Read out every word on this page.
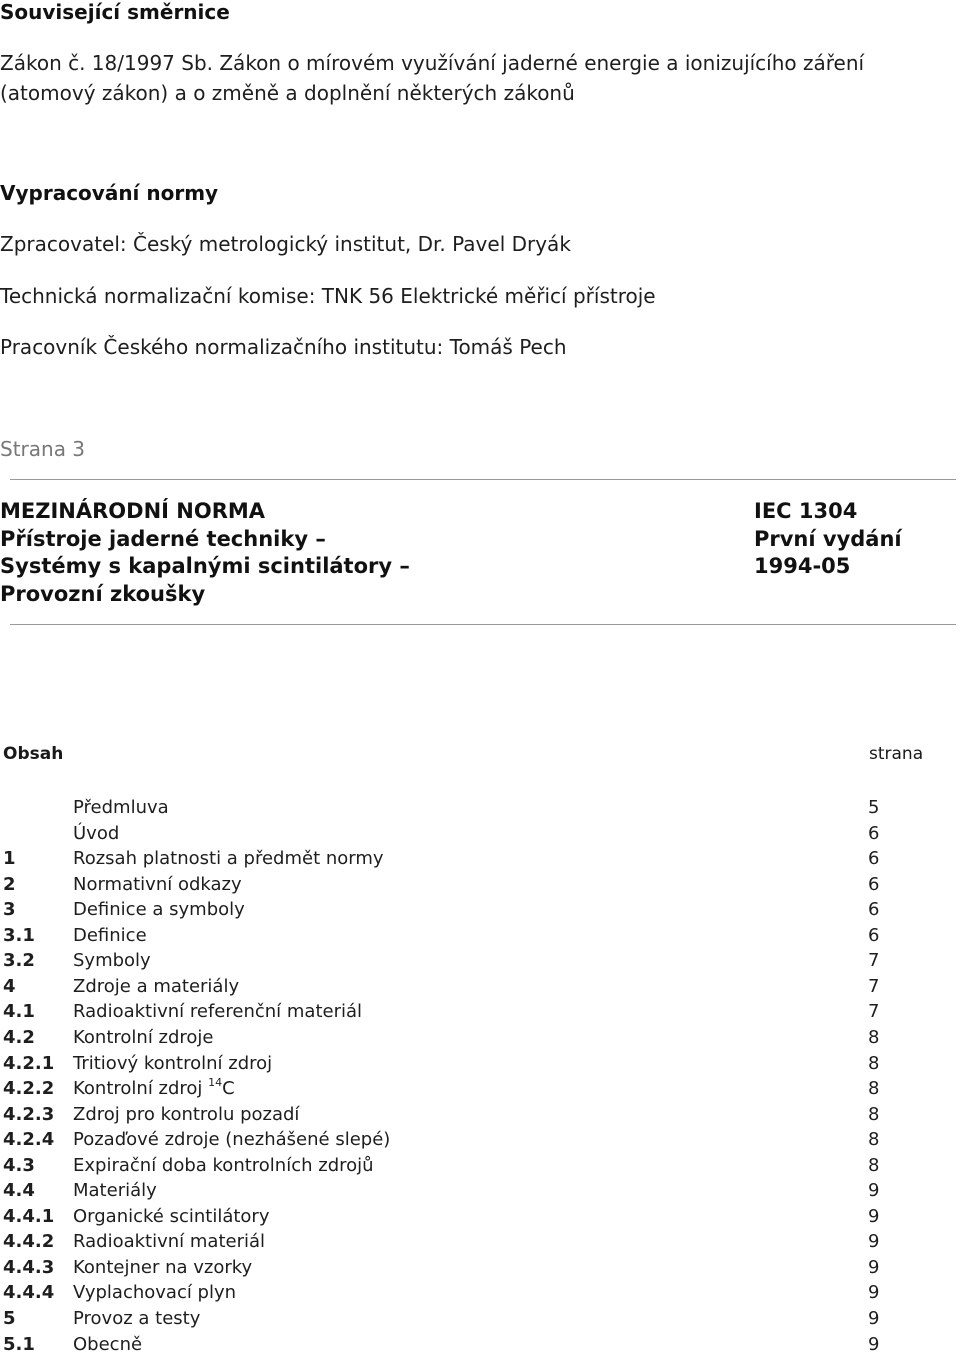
Související směrnice
Zákon č. 18/1997 Sb. Zákon o mírovém využívání jaderné energie a ionizujícího záření (atomový zákon) a o změně a doplnění některých zákonů
Vypracování normy
Zpracovatel: Český metrologický institut, Dr. Pavel Dryák
Technická normalizační komise: TNK 56 Elektrické měřicí přístroje
Pracovník Českého normalizačního institutu: Tomáš Pech
Strana 3
MEZINÁRODNÍ NORMA
Přístroje jaderné techniky –
Systémy s kapalnými scintilátory –
Provozní zkoušky
IEC 1304
První vydání
1994-05
Obsah	strana
Předmluva	5
Úvod	6
1	Rozsah platnosti a předmět normy	6
2	Normativní odkazy	6
3	Definice a symboly	6
3.1 Definice	6
3.2 Symboly	7
4	Zdroje a materiály	7
4.1 Radioaktivní referenční materiál	7
4.2 Kontrolní zdroje	8
4.2.1 Tritiový kontrolní zdroj	8
4.2.2 Kontrolní zdroj $^{14}$C	8
4.2.3 Zdroj pro kontrolu pozadí	8
4.2.4 Pozaďové zdroje (nezhášené slepé)	8
4.3 Expirační doba kontrolních zdrojů	8
4.4 Materiály	9
4.4.1 Organické scintilátory	9
4.4.2 Radioaktivní materiál	9
4.4.3 Kontejner na vzorky	9
4.4.4 Vyplachovací plyn	9
5	Provoz a testy	9
5.1 Obecně	9
